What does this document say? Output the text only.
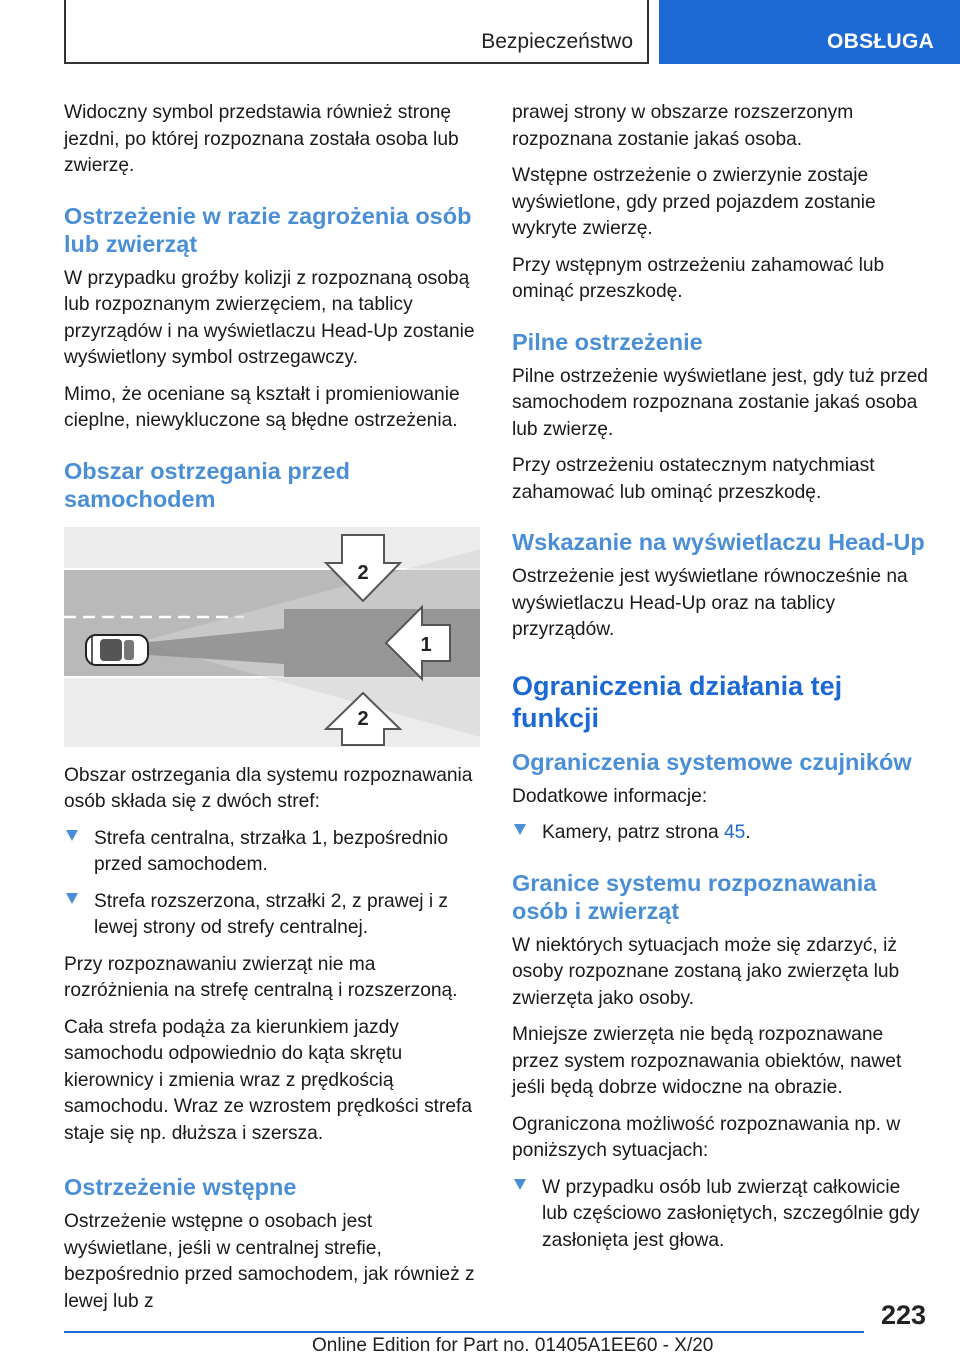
Bezpieczeństwo	OBSŁUGA

Widoczny symbol przedstawia również stronę jezdni, po której rozpoznana została osoba lub zwierzę.

Ostrzeżenie w razie zagrożenia osób lub zwierząt

W przypadku groźby kolizji z rozpoznaną osobą lub rozpoznanym zwierzęciem, na tablicy przyrządów i na wyświetlaczu Head-Up zostanie wyświetlony symbol ostrzegawczy.

Mimo, że oceniane są kształt i promieniowanie cieplne, niewykluczone są błędne ostrzeżenia.

Obszar ostrzegania przed samochodem
2
1
2

Obszar ostrzegania dla systemu rozpoznawania osób składa się z dwóch stref:

Strefa centralna, strzałka 1, bezpośrednio przed samochodem.
Strefa rozszerzona, strzałki 2, z prawej i z lewej strony od strefy centralnej.

Przy rozpoznawaniu zwierząt nie ma rozróżnienia na strefę centralną i rozszerzoną.

Cała strefa podąża za kierunkiem jazdy samochodu odpowiednio do kąta skrętu kierownicy i zmienia wraz z prędkością samochodu. Wraz ze wzrostem prędkości strefa staje się np. dłuższa i szersza.

Ostrzeżenie wstępne

Ostrzeżenie wstępne o osobach jest wyświetlane, jeśli w centralnej strefie, bezpośrednio przed samochodem, jak również z lewej lub z

prawej strony w obszarze rozszerzonym rozpoznana zostanie jakaś osoba.

Wstępne ostrzeżenie o zwierzynie zostaje wyświetlone, gdy przed pojazdem zostanie wykryte zwierzę.

Przy wstępnym ostrzeżeniu zahamować lub ominąć przeszkodę.

Pilne ostrzeżenie

Pilne ostrzeżenie wyświetlane jest, gdy tuż przed samochodem rozpoznana zostanie jakaś osoba lub zwierzę.

Przy ostrzeżeniu ostatecznym natychmiast zahamować lub ominąć przeszkodę.

Wskazanie na wyświetlaczu Head-Up

Ostrzeżenie jest wyświetlane równocześnie na wyświetlaczu Head-Up oraz na tablicy przyrządów.

Ograniczenia działania tej funkcji
Ograniczenia systemowe czujników

Dodatkowe informacje:

Kamery, patrz strona 45.
Granice systemu rozpoznawania osób i zwierząt

W niektórych sytuacjach może się zdarzyć, iż osoby rozpoznane zostaną jako zwierzęta lub zwierzęta jako osoby.

Mniejsze zwierzęta nie będą rozpoznawane przez system rozpoznawania obiektów, nawet jeśli będą dobrze widoczne na obrazie.

Ograniczona możliwość rozpoznawania np. w poniższych sytuacjach:

W przypadku osób lub zwierząt całkowicie lub częściowo zasłoniętych, szczególnie gdy zasłonięta jest głowa.
223
Online Edition for Part no. 01405A1EE60 - X/20
